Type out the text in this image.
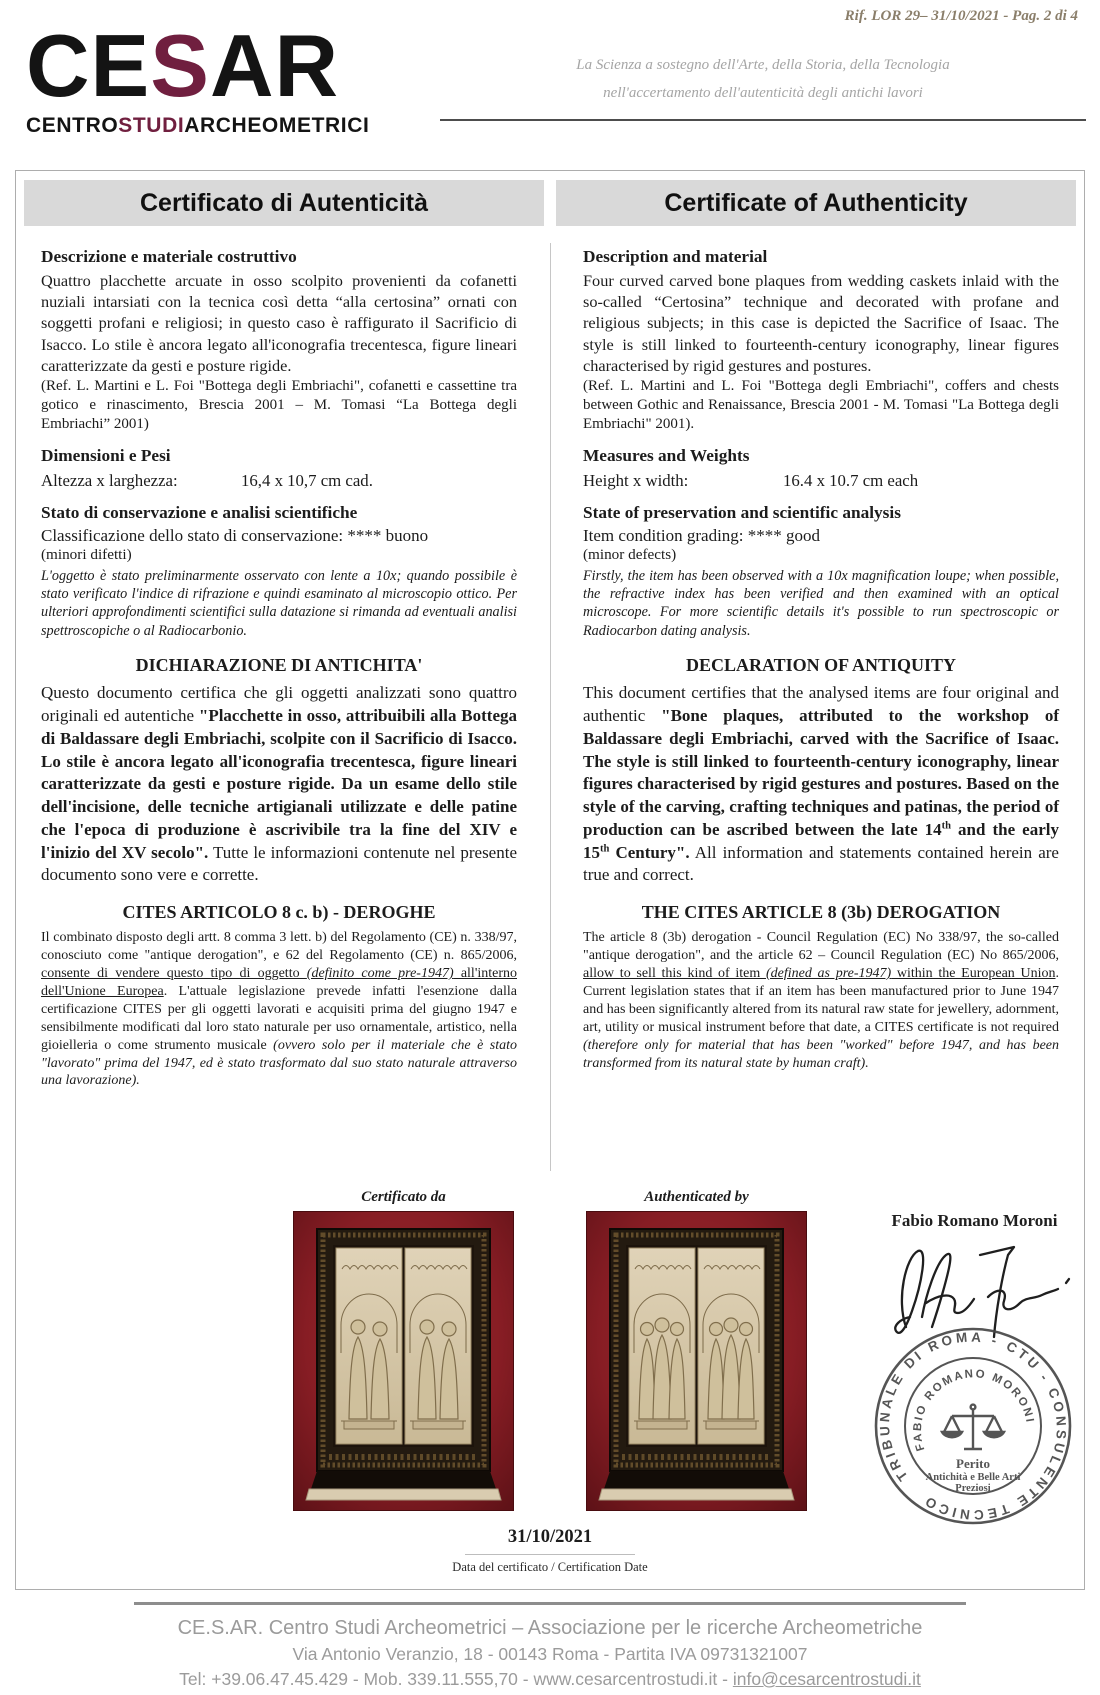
Rif. LOR 29– 31/10/2021 - Pag. 2 di 4
CESAR
CENTROSTUDIARCHEOMETRICI
La Scienza a sostegno dell'Arte, della Storia, della Tecnologia
nell'accertamento dell'autenticità degli antichi lavori
Certificato di Autenticità	Certificate of Authenticity
Descrizione e materiale costruttivo

Quattro placchette arcuate in osso scolpito provenienti da cofanetti nuziali intarsiati con la tecnica così detta “alla certosina” ornati con soggetti profani e religiosi; in questo caso è raffigurato il Sacrificio di Isacco. Lo stile è ancora legato all'iconografia trecentesca, figure lineari caratterizzate da gesti e posture rigide.

(Ref. L. Martini e L. Foi "Bottega degli Embriachi", cofanetti e cassettine tra gotico e rinascimento, Brescia 2001 – M. Tomasi “La Bottega degli Embriachi” 2001)

Dimensioni e Pesi
Altezza x larghezza:	16,4 x 10,7 cm cad.
Stato di conservazione e analisi scientifiche

Classificazione dello stato di conservazione: **** buono

(minori difetti)

L'oggetto è stato preliminarmente osservato con lente a 10x; quando possibile è stato verificato l'indice di rifrazione e quindi esaminato al microscopio ottico. Per ulteriori approfondimenti scientifici sulla datazione si rimanda ad eventuali analisi spettroscopiche o al Radiocarbonio.

DICHIARAZIONE DI ANTICHITA'

Questo documento certifica che gli oggetti analizzati sono quattro originali ed autentiche "Placchette in osso, attribuibili alla Bottega di Baldassare degli Embriachi, scolpite con il Sacrificio di Isacco. Lo stile è ancora legato all'iconografia trecentesca, figure lineari caratterizzate da gesti e posture rigide. Da un esame dello stile dell'incisione, delle tecniche artigianali utilizzate e delle patine che l'epoca di produzione è ascrivibile tra la fine del XIV e l'inizio del XV secolo". Tutte le informazioni contenute nel presente documento sono vere e corrette.

CITES ARTICOLO 8 c. b) - DEROGHE

Il combinato disposto degli artt. 8 comma 3 lett. b) del Regolamento (CE) n. 338/97, conosciuto come "antique derogation", e 62 del Regolamento (CE) n. 865/2006, consente di vendere questo tipo di oggetto (definito come pre-1947) all'interno dell'Unione Europea. L'attuale legislazione prevede infatti l'esenzione dalla certificazione CITES per gli oggetti lavorati e acquisiti prima del giugno 1947 e sensibilmente modificati dal loro stato naturale per uso ornamentale, artistico, nella gioielleria o come strumento musicale (ovvero solo per il materiale che è stato "lavorato" prima del 1947, ed è stato trasformato dal suo stato naturale attraverso una lavorazione).

Description and material

Four curved carved bone plaques from wedding caskets inlaid with the so-called “Certosina” technique and decorated with profane and religious subjects; in this case is depicted the Sacrifice of Isaac. The style is still linked to fourteenth-century iconography, linear figures characterised by rigid gestures and postures.

(Ref. L. Martini and L. Foi "Bottega degli Embriachi", coffers and chests between Gothic and Renaissance, Brescia 2001 - M. Tomasi "La Bottega degli Embriachi" 2001).

Measures and Weights
Height x width:	16.4 x 10.7 cm each
State of preservation and scientific analysis

Item condition grading: **** good

(minor defects)

Firstly, the item has been observed with a 10x magnification loupe; when possible, the refractive index has been verified and then examined with an optical microscope. For more scientific details it's possible to run spectroscopic or Radiocarbon dating analysis.

DECLARATION OF ANTIQUITY

This document certifies that the analysed items are four original and authentic "Bone plaques, attributed to the workshop of Baldassare degli Embriachi, carved with the Sacrifice of Isaac. The style is still linked to fourteenth-century iconography, linear figures characterised by rigid gestures and postures. Based on the style of the carving, crafting techniques and patinas, the period of production can be ascribed between the late 14th and the early 15th Century". All information and statements contained herein are true and correct.

THE CITES ARTICLE 8 (3b) DEROGATION

The article 8 (3b) derogation - Council Regulation (EC) No 338/97, the so-called "antique derogation", and the article 62 – Council Regulation (EC) No 865/2006, allow to sell this kind of item (defined as pre-1947) within the European Union. Current legislation states that if an item has been manufactured prior to June 1947 and has been significantly altered from its natural raw state for jewellery, adornment, art, utility or musical instrument before that date, a CITES certificate is not required (therefore only for material that has been "worked" before 1947, and has been transformed from its natural state by human craft).

Certificato da	Authenticated by
Fabio Romano Moroni
TRIBUNALE DI ROMA - CTU - CONSULENTE TECNICO
FABIO ROMANO MORONI
Perito
Antichità e Belle Arti
Preziosi
31/10/2021
Data del certificato / Certification Date
CE.S.AR. Centro Studi Archeometrici – Associazione per le ricerche Archeometriche
Via Antonio Veranzio, 18 - 00143 Roma - Partita IVA 09731321007
Tel: +39.06.47.45.429 - Mob. 339.11.555,70 - www.cesarcentrostudi.it - info@cesarcentrostudi.it
